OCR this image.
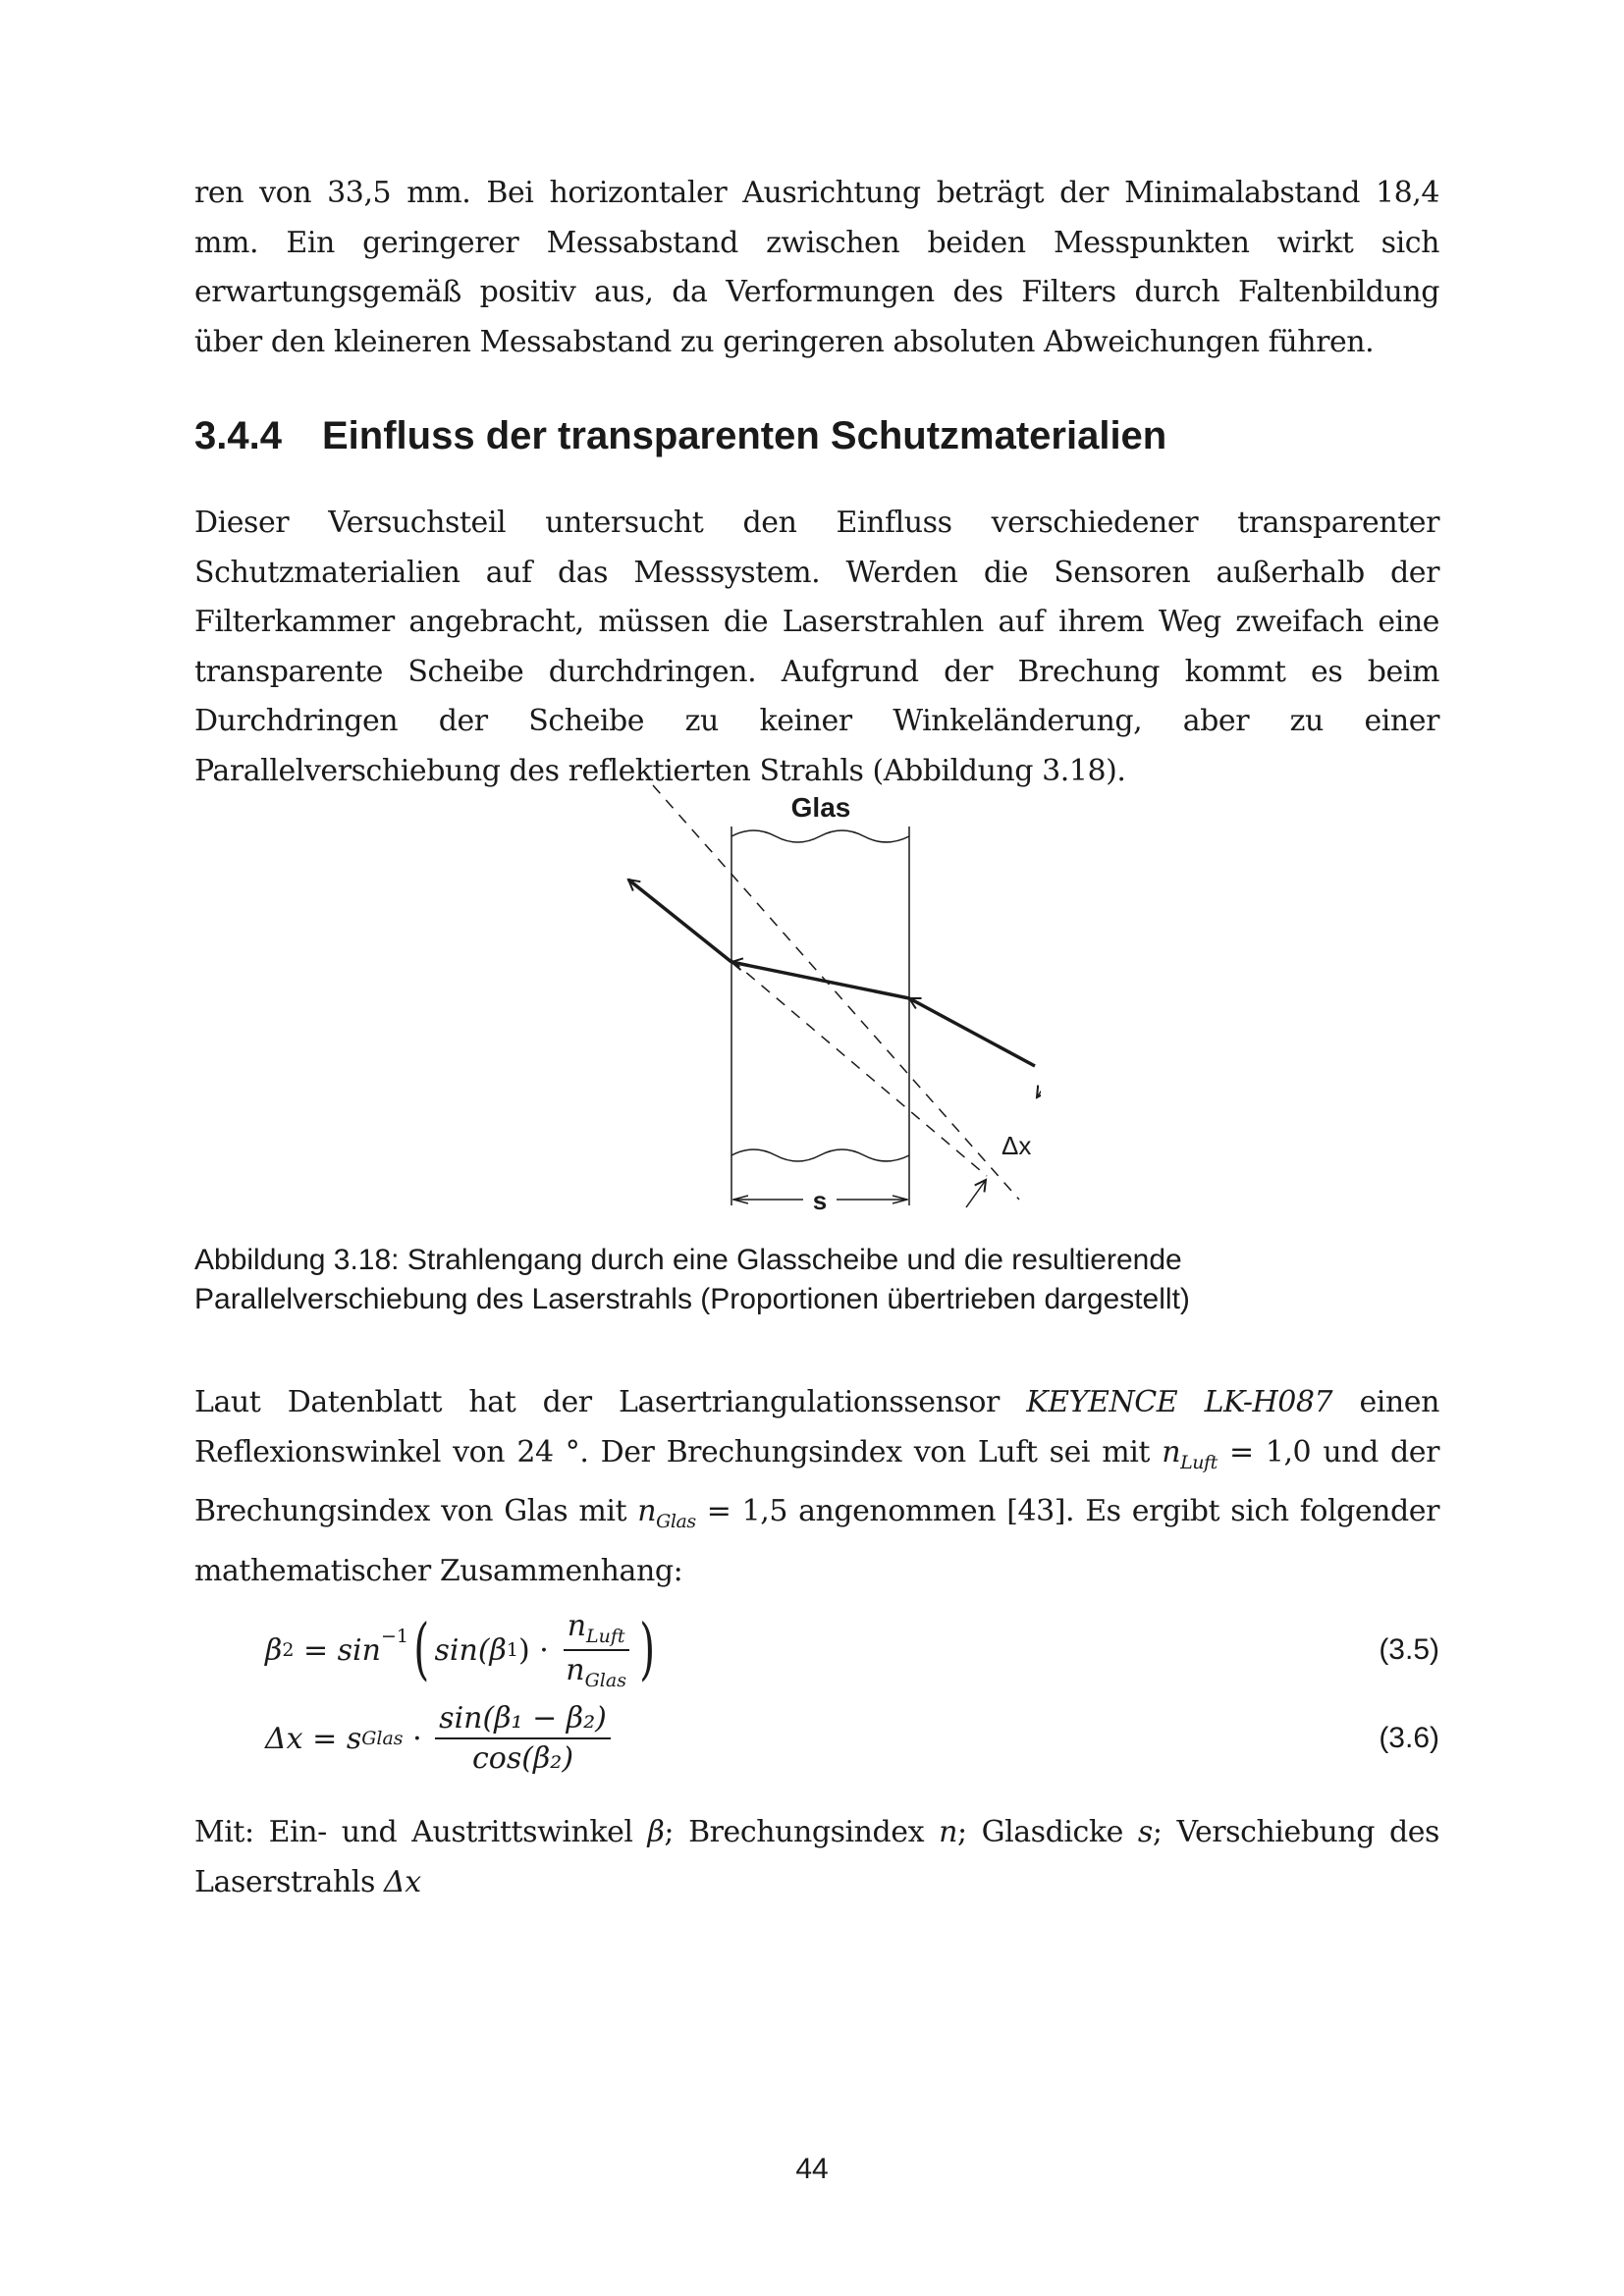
ren von 33,5 mm. Bei horizontaler Ausrichtung beträgt der Minimalabstand 18,4 mm. Ein geringerer Messabstand zwischen beiden Messpunkten wirkt sich erwartungsgemäß positiv aus, da Verformungen des Filters durch Faltenbildung über den kleineren Messabstand zu geringeren absoluten Abweichungen führen.

3.4.4 Einfluss der transparenten Schutzmaterialien

Dieser Versuchsteil untersucht den Einfluss verschiedener transparenter Schutzmaterialien auf das Messsystem. Werden die Sensoren außerhalb der Filterkammer angebracht, müssen die Laserstrahlen auf ihrem Weg zweifach eine transparente Scheibe durchdringen. Aufgrund der Brechung kommt es beim Durchdringen der Scheibe zu keiner Winkeländerung, aber zu einer Parallelverschiebung des reflektierten Strahls (Abbildung 3.18).

Glas
Δx
s

Abbildung 3.18: Strahlengang durch eine Glasscheibe und die resultierende Parallelverschiebung des Laserstrahls (Proportionen übertrieben dargestellt)

Laut Datenblatt hat der Lasertriangulationssensor KEYENCE LK-H087 einen Reflexionswinkel von 24 °. Der Brechungsindex von Luft sei mit $n_{Luft} = 1,0$ und der Brechungsindex von Glas mit $n_{Glas} = 1,5$ angenommen [43]. Es ergibt sich folgender mathematischer Zusammenhang:

β $2 = \sin^{-1}$ ( sin(β 1 ) · $\frac{n_{Luft}}{n_{Glas}}$ )	(3.5)
Δx = s Glas · $\frac{\text{sin(β₁ − β₂)}}{\text{cos(β₂)}}$	(3.6)

Mit: Ein- und Austrittswinkel β; Brechungsindex n; Glasdicke s; Verschiebung des Laserstrahls Δx

44
